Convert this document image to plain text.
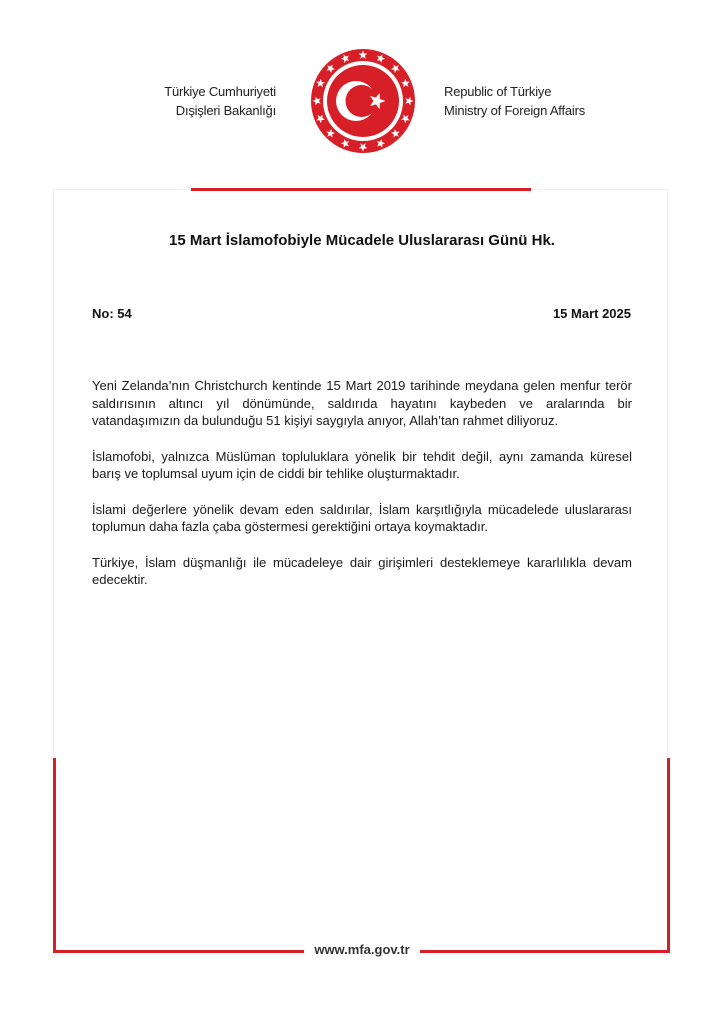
Türkiye Cumhuriyeti
Dışişleri Bakanlığı
Republic of Türkiye
Ministry of Foreign Affairs
15 Mart İslamofobiyle Mücadele Uluslararası Günü Hk.
No: 54	15 Mart 2025

Yeni Zelanda’nın Christchurch kentinde 15 Mart 2019 tarihinde meydana gelen menfur terör saldırısının altıncı yıl dönümünde, saldırıda hayatını kaybeden ve aralarında bir vatandaşımızın da bulunduğu 51 kişiyi saygıyla anıyor, Allah’tan rahmet diliyoruz.

İslamofobi, yalnızca Müslüman topluluklara yönelik bir tehdit değil, aynı zamanda küresel barış ve toplumsal uyum için de ciddi bir tehlike oluşturmaktadır.

İslami değerlere yönelik devam eden saldırılar, İslam karşıtlığıyla mücadelede uluslararası toplumun daha fazla çaba göstermesi gerektiğini ortaya koymaktadır.

Türkiye, İslam düşmanlığı ile mücadeleye dair girişimleri desteklemeye kararlılıkla devam edecektir.

www.mfa.gov.tr
